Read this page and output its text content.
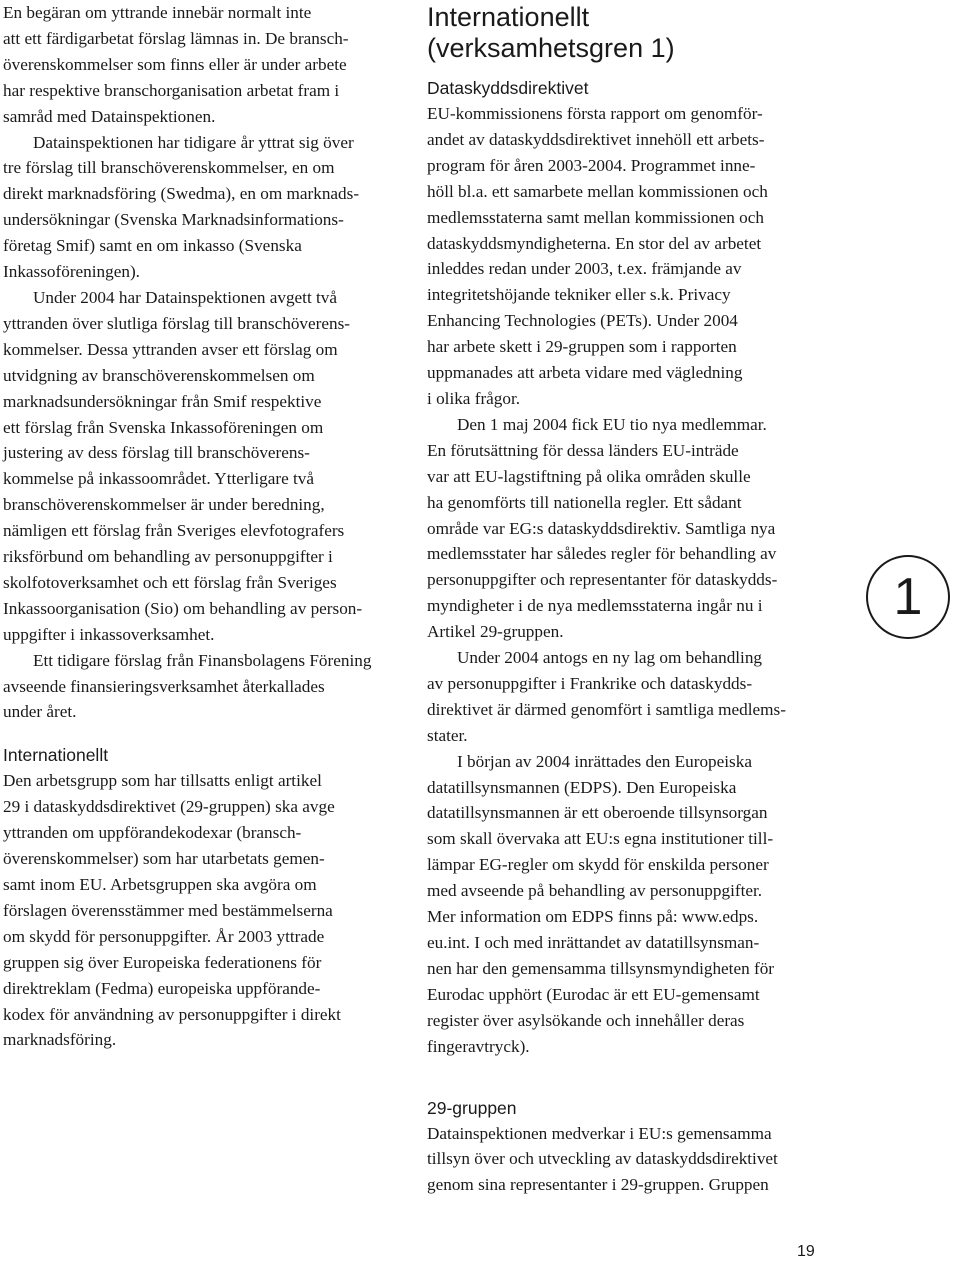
En begäran om yttrande innebär normalt inte
att ett färdigarbetat förslag lämnas in. De bransch-
överenskommelser som finns eller är under arbete
har respektive branschorganisation arbetat fram i
samråd med Datainspektionen.
Datainspektionen har tidigare år yttrat sig över
tre förslag till branschöverenskommelser, en om
direkt marknadsföring (Swedma), en om marknads-
undersökningar (Svenska Marknadsinformations-
företag Smif) samt en om inkasso (Svenska
Inkassoföreningen).
Under 2004 har Datainspektionen avgett två
yttranden över slutliga förslag till branschöverens-
kommelser. Dessa yttranden avser ett förslag om
utvidgning av branschöverenskommelsen om
marknadsundersökningar från Smif respektive
ett förslag från Svenska Inkassoföreningen om
justering av dess förslag till branschöverens-
kommelse på inkassoområdet. Ytterligare två
branschöverenskommelser är under beredning,
nämligen ett förslag från Sveriges elevfotografers
riksförbund om behandling av personuppgifter i
skolfotoverksamhet och ett förslag från Sveriges
Inkassoorganisation (Sio) om behandling av person-
uppgifter i inkassoverksamhet.
Ett tidigare förslag från Finansbolagens Förening
avseende finansieringsverksamhet återkallades
under året.
Internationellt
Den arbetsgrupp som har tillsatts enligt artikel
29 i dataskyddsdirektivet (29-gruppen) ska avge
yttranden om uppförandekodexar (bransch-
överenskommelser) som har utarbetats gemen-
samt inom EU. Arbetsgruppen ska avgöra om
förslagen överensstämmer med bestämmelserna
om skydd för personuppgifter. År 2003 yttrade
gruppen sig över Europeiska federationens för
direktreklam (Fedma) europeiska uppförande-
kodex för användning av personuppgifter i direkt
marknadsföring.
Internationellt
(verksamhetsgren 1)
Dataskyddsdirektivet
EU-kommissionens första rapport om genomför-
andet av dataskyddsdirektivet innehöll ett arbets-
program för åren 2003-2004. Programmet inne-
höll bl.a. ett samarbete mellan kommissionen och
medlemsstaterna samt mellan kommissionen och
dataskyddsmyndigheterna. En stor del av arbetet
inleddes redan under 2003, t.ex. främjande av
integritetshöjande tekniker eller s.k. Privacy
Enhancing Technologies (PETs). Under 2004
har arbete skett i 29-gruppen som i rapporten
uppmanades att arbeta vidare med vägledning
i olika frågor.
Den 1 maj 2004 fick EU tio nya medlemmar.
En förutsättning för dessa länders EU-inträde
var att EU-lagstiftning på olika områden skulle
ha genomförts till nationella regler. Ett sådant
område var EG:s dataskyddsdirektiv. Samtliga nya
medlemsstater har således regler för behandling av
personuppgifter och representanter för dataskydds-
myndigheter i de nya medlemsstaterna ingår nu i
Artikel 29-gruppen.
Under 2004 antogs en ny lag om behandling
av personuppgifter i Frankrike och dataskydds-
direktivet är därmed genomfört i samtliga medlems-
stater.
I början av 2004 inrättades den Europeiska
datatillsynsmannen (EDPS). Den Europeiska
datatillsynsmannen är ett oberoende tillsynsorgan
som skall övervaka att EU:s egna institutioner till-
lämpar EG-regler om skydd för enskilda personer
med avseende på behandling av personuppgifter.
Mer information om EDPS finns på: www.edps.
eu.int. I och med inrättandet av datatillsynsman-
nen har den gemensamma tillsynsmyndigheten för
Eurodac upphört (Eurodac är ett EU-gemensamt
register över asylsökande och innehåller deras
fingeravtryck).
29-gruppen
Datainspektionen medverkar i EU:s gemensamma
tillsyn över och utveckling av dataskyddsdirektivet
genom sina representanter i 29-gruppen. Gruppen
1
19
